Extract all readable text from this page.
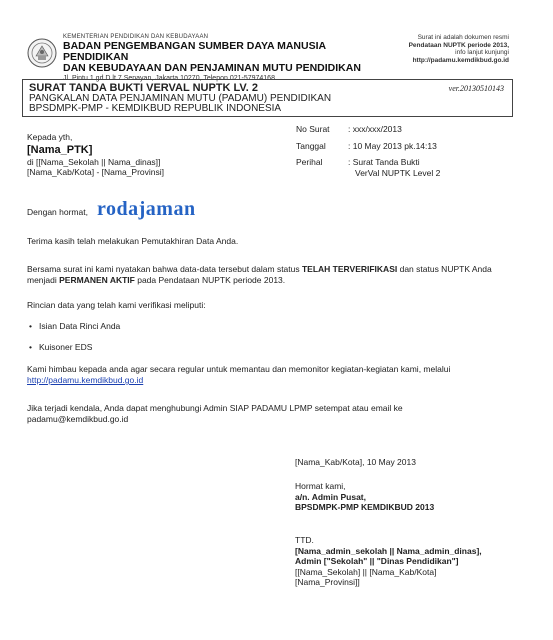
KEMENTERIAN PENDIDIKAN DAN KEBUDAYAAN
BADAN PENGEMBANGAN SUMBER DAYA MANUSIA PENDIDIKAN
DAN KEBUDAYAAN DAN PENJAMINAN MUTU PENDIDIKAN
Jl. Pintu 1 gd.D lt.7 Senayan, Jakarta 10270, Telepon 021-57974168
Surat ini adalah dokumen resmi
Pendataan NUPTK periode 2013,
info lanjut kunjungi
http://padamu.kemdikbud.go.id
SURAT TANDA BUKTI VERVAL NUPTK LV. 2
PANGKALAN DATA PENJAMINAN MUTU (PADAMU) PENDIDIKAN
BPSDMPK-PMP - KEMDIKBUD REPUBLIK INDONESIA
ver.20130510143
Kepada yth,
[Nama_PTK]
di [[Nama_Sekolah || Nama_dinas]]
[Nama_Kab/Kota] - [Nama_Provinsi]
No Surat	: xxx/xxx/2013
Tanggal	: 10 May 2013 pk.14:13
Perihal	: Surat Tanda Bukti
VerVal NUPTK Level 2
Dengan hormat, rodajaman
Terima kasih telah melakukan Pemutakhiran Data Anda.
Bersama surat ini kami nyatakan bahwa data-data tersebut dalam status TELAH TERVERIFIKASI dan status NUPTK Anda menjadi PERMANEN AKTIF pada Pendataan NUPTK periode 2013.
Rincian data yang telah kami verifikasi meliputi:
• Isian Data Rinci Anda
• Kuisoner EDS
Kami himbau kepada anda agar secara regular untuk memantau dan memonitor kegiatan-kegiatan kami, melalui
http://padamu.kemdikbud.go.id
Jika terjadi kendala, Anda dapat menghubungi Admin SIAP PADAMU LPMP setempat atau email ke padamu@kemdikbud.go.id
[Nama_Kab/Kota], 10 May 2013
Hormat kami,
a/n. Admin Pusat,
BPSDMPK-PMP KEMDIKBUD 2013
TTD.
[Nama_admin_sekolah || Nama_admin_dinas],
Admin ["Sekolah" || "Dinas Pendidikan"]
[[Nama_Sekolah] || [Nama_Kab/Kota]
[Nama_Provinsi]]
